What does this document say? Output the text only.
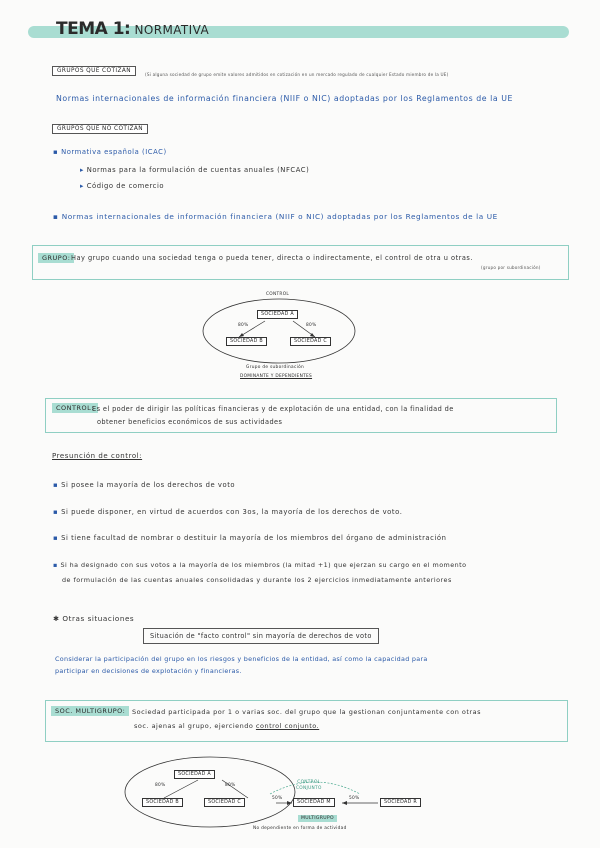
TEMA 1: NORMATIVA
GRUPOS QUE COTIZAN
(Si alguna sociedad de grupo emite valores admitidos en cotización en un mercado regulado de cualquier Estado miembro de la UE)
Normas internacionales de información financiera (NIIF o NIC) adoptadas por los Reglamentos de la UE
GRUPOS QUE NO COTIZAN
▪ Normativa española (ICAC)
▸ Normas para la formulación de cuentas anuales (NFCAC)
▸ Código de comercio
▪ Normas internacionales de información financiera (NIIF o NIC) adoptadas por los Reglamentos de la UE
GRUPO: Hay grupo cuando una sociedad tenga o pueda tener, directa o indirectamente, el control de otra u otras.
(grupo por subordinación)
CONTROL
SOCIEDAD A
SOCIEDAD B	SOCIEDAD C
80%	80%
Grupo de subordinación
DOMINANTE Y DEPENDIENTES
CONTROL:
Es el poder de dirigir las políticas financieras y de explotación de una entidad, con la finalidad de
obtener beneficios económicos de sus actividades
Presunción de control:
▪ Si posee la mayoría de los derechos de voto
▪ Si puede disponer, en virtud de acuerdos con 3os, la mayoría de los derechos de voto.
▪ Si tiene facultad de nombrar o destituir la mayoría de los miembros del órgano de administración
▪ Si ha designado con sus votos a la mayoría de los miembros (la mitad +1) que ejerzan su cargo en el momento
de formulación de las cuentas anuales consolidadas y durante los 2 ejercicios inmediatamente anteriores
✱ Otras situaciones
Situación de "facto control" sin mayoría de derechos de voto
Considerar la participación del grupo en los riesgos y beneficios de la entidad, así como la capacidad para
participar en decisiones de explotación y financieras.
SOC. MULTIGRUPO:	Sociedad participada por 1 o varias soc. del grupo que la gestionan conjuntamente con otras
soc. ajenas al grupo, ejerciendo control conjunto.
SOCIEDAD A
SOCIEDAD B	SOCIEDAD C	SOCIEDAD M	SOCIEDAD R
80%	80%
50%	50%
CONTROL
CONJUNTO
MULTIGRUPO
No dependiente en forma de actividad
